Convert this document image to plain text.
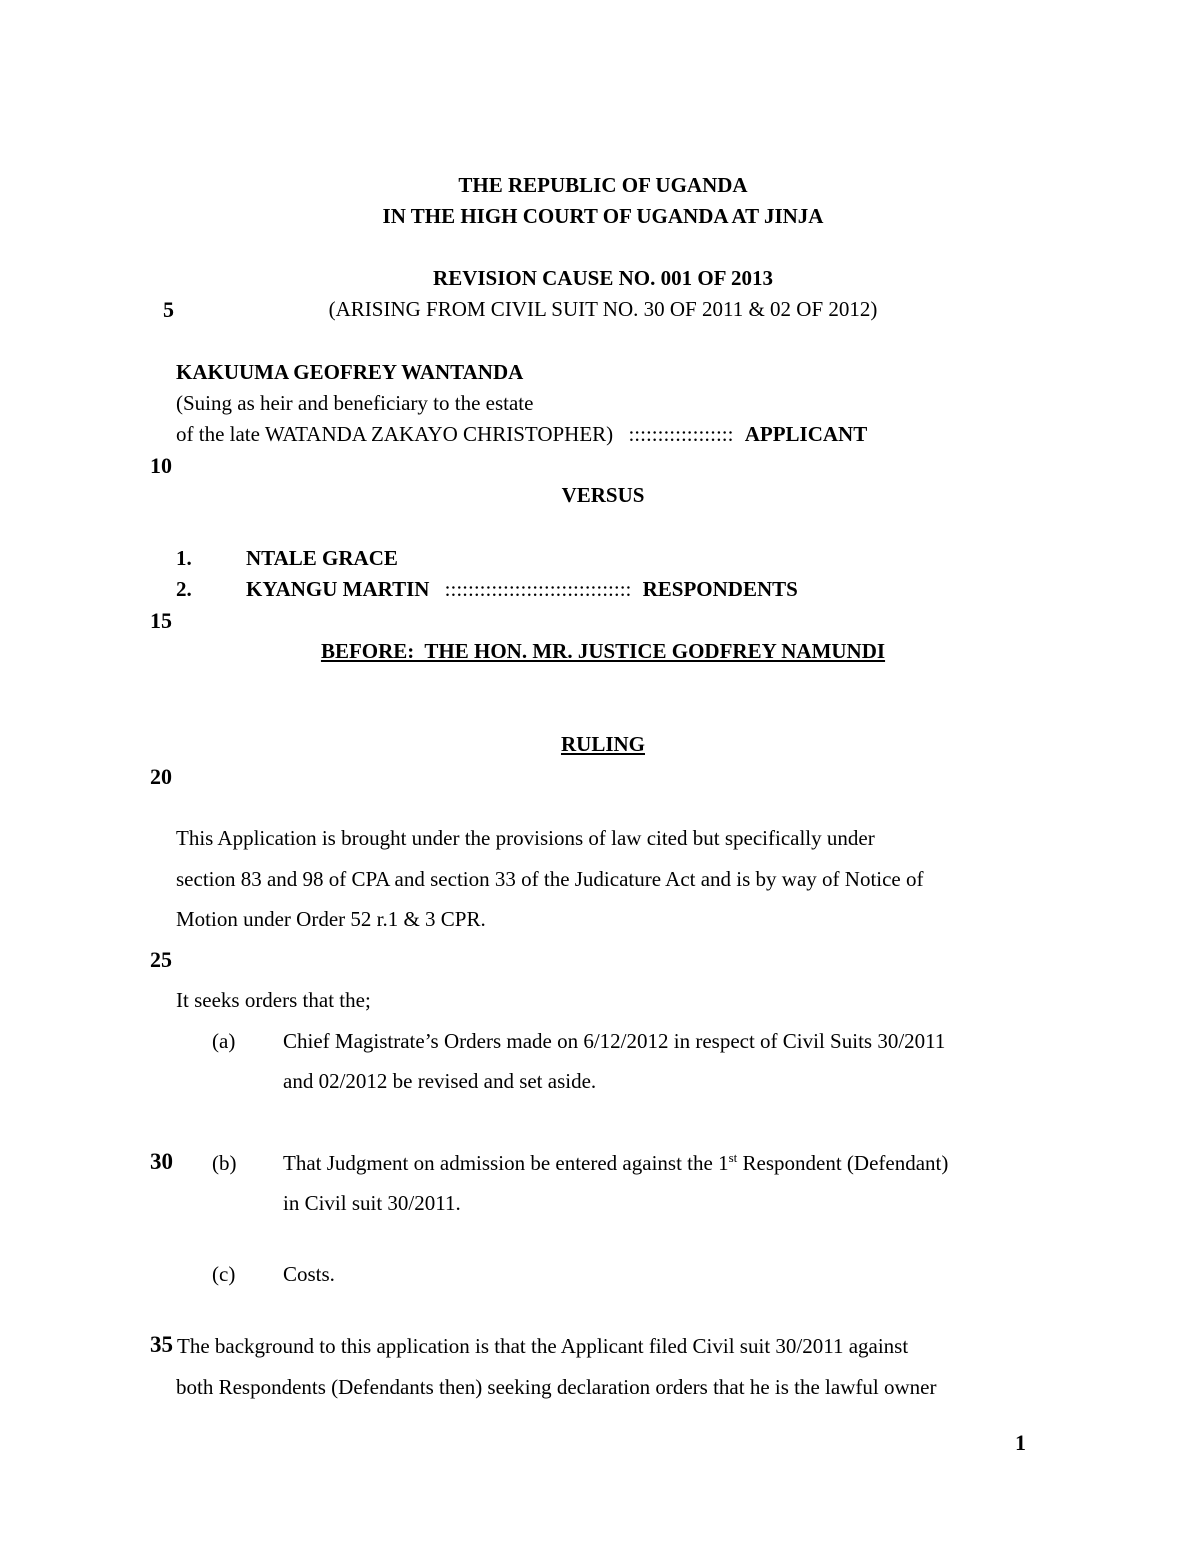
THE REPUBLIC OF UGANDA
IN THE HIGH COURT OF UGANDA AT JINJA
REVISION CAUSE NO. 001 OF 2013
(ARISING FROM CIVIL SUIT NO. 30 OF 2011 & 02 OF 2012)
5
10
15
20
25
30
35
KAKUUMA GEOFREY WANTANDA
(Suing as heir and beneficiary to the estate
of the late WATANDA ZAKAYO CHRISTOPHER) :::::::::::::::::: APPLICANT
VERSUS
1.	NTALE GRACE
2.	KYANGU MARTIN :::::::::::::::::::::::::::::::: RESPONDENTS
BEFORE:  THE HON. MR. JUSTICE GODFREY NAMUNDI
RULING
This Application is brought under the provisions of law cited but specifically under
section 83 and 98 of CPA and section 33 of the Judicature Act and is by way of Notice of
Motion under Order 52 r.1 & 3 CPR.
It seeks orders that the;
(a) Chief Magistrate’s Orders made on 6/12/2012 in respect of Civil Suits 30/2011
and 02/2012 be revised and set aside.
(b) That Judgment on admission be entered against the 1st Respondent (Defendant)
in Civil suit 30/2011.
(c) Costs.
The background to this application is that the Applicant filed Civil suit 30/2011 against
both Respondents (Defendants then) seeking declaration orders that he is the lawful owner
1
